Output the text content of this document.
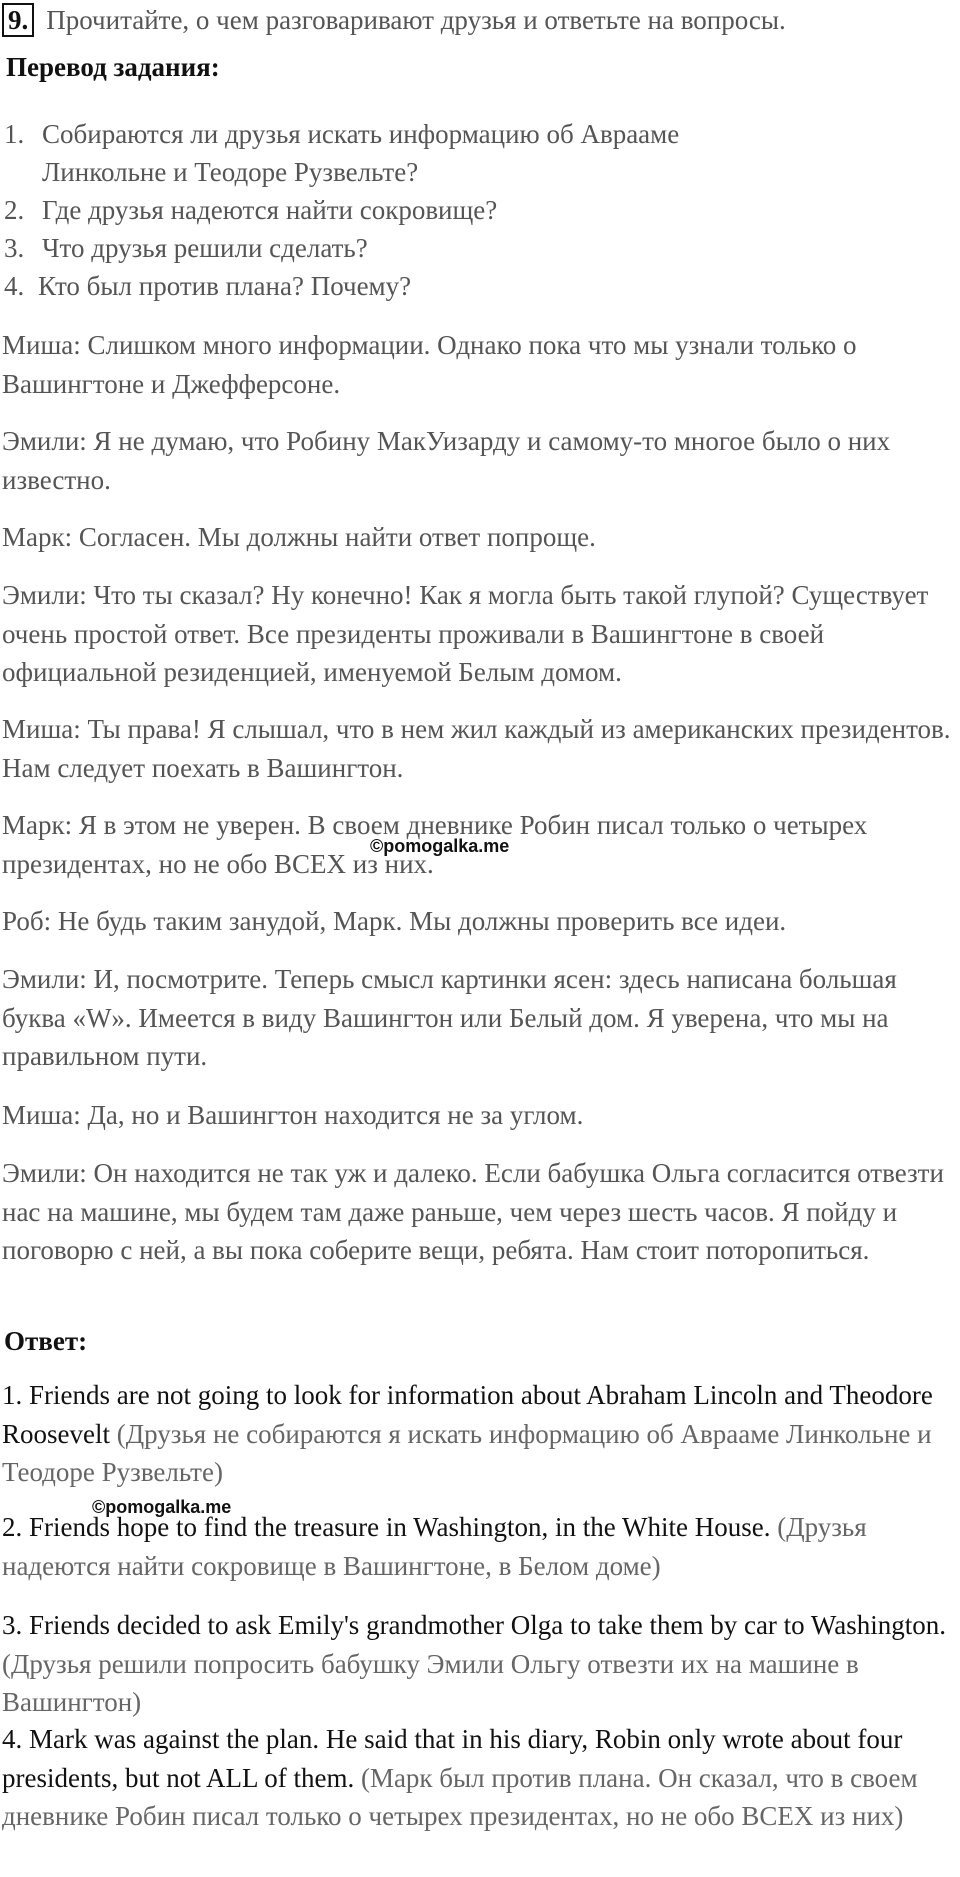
9. Прочитайте, о чем разговаривают друзья и ответьте на вопросы.
Перевод задания:
1. Собираются ли друзья искать информацию об Аврааме Линкольне и Теодоре Рузвельте?
2. Где друзья надеются найти сокровище?
3. Что друзья решили сделать?
4. Кто был против плана? Почему?

Миша: Слишком много информации. Однако пока что мы узнали только о Вашингтоне и Джефферсоне.

Эмили: Я не думаю, что Робину МакУизарду и самому-то многое было о них известно.

Марк: Согласен. Мы должны найти ответ попроще.

Эмили: Что ты сказал? Ну конечно! Как я могла быть такой глупой? Существует очень простой ответ. Все президенты проживали в Вашингтоне в своей официальной резиденцией, именуемой Белым домом.

Миша: Ты права! Я слышал, что в нем жил каждый из американских президентов. Нам следует поехать в Вашингтон.

Марк: Я в этом не уверен. В своем дневнике Робин писал только о четырех президентах, но не обо ВСЕХ из них.

Роб: Не будь таким занудой, Марк. Мы должны проверить все идеи.

Эмили: И, посмотрите. Теперь смысл картинки ясен: здесь написана большая буква «W». Имеется в виду Вашингтон или Белый дом. Я уверена, что мы на правильном пути.

Миша: Да, но и Вашингтон находится не за углом.

Эмили: Он находится не так уж и далеко. Если бабушка Ольга согласится отвезти нас на машине, мы будем там даже раньше, чем через шесть часов. Я пойду и поговорю с ней, а вы пока соберите вещи, ребята. Нам стоит поторопиться.

Ответ:

1. Friends are not going to look for information about Abraham Lincoln and Theodore Roosevelt (Друзья не собираются я искать информацию об Аврааме Линкольне и Теодоре Рузвельте)

2. Friends hope to find the treasure in Washington, in the White House. (Друзья надеются найти сокровище в Вашингтоне, в Белом доме)

3. Friends decided to ask Emily's grandmother Olga to take them by car to Washington. (Друзья решили попросить бабушку Эмили Ольгу отвезти их на машине в Вашингтон)

4. Mark was against the plan. He said that in his diary, Robin only wrote about four presidents, but not ALL of them. (Марк был против плана. Он сказал, что в своем дневнике Робин писал только о четырех президентах, но не обо ВСЕХ из них)

©pomogalka.me
©pomogalka.me
